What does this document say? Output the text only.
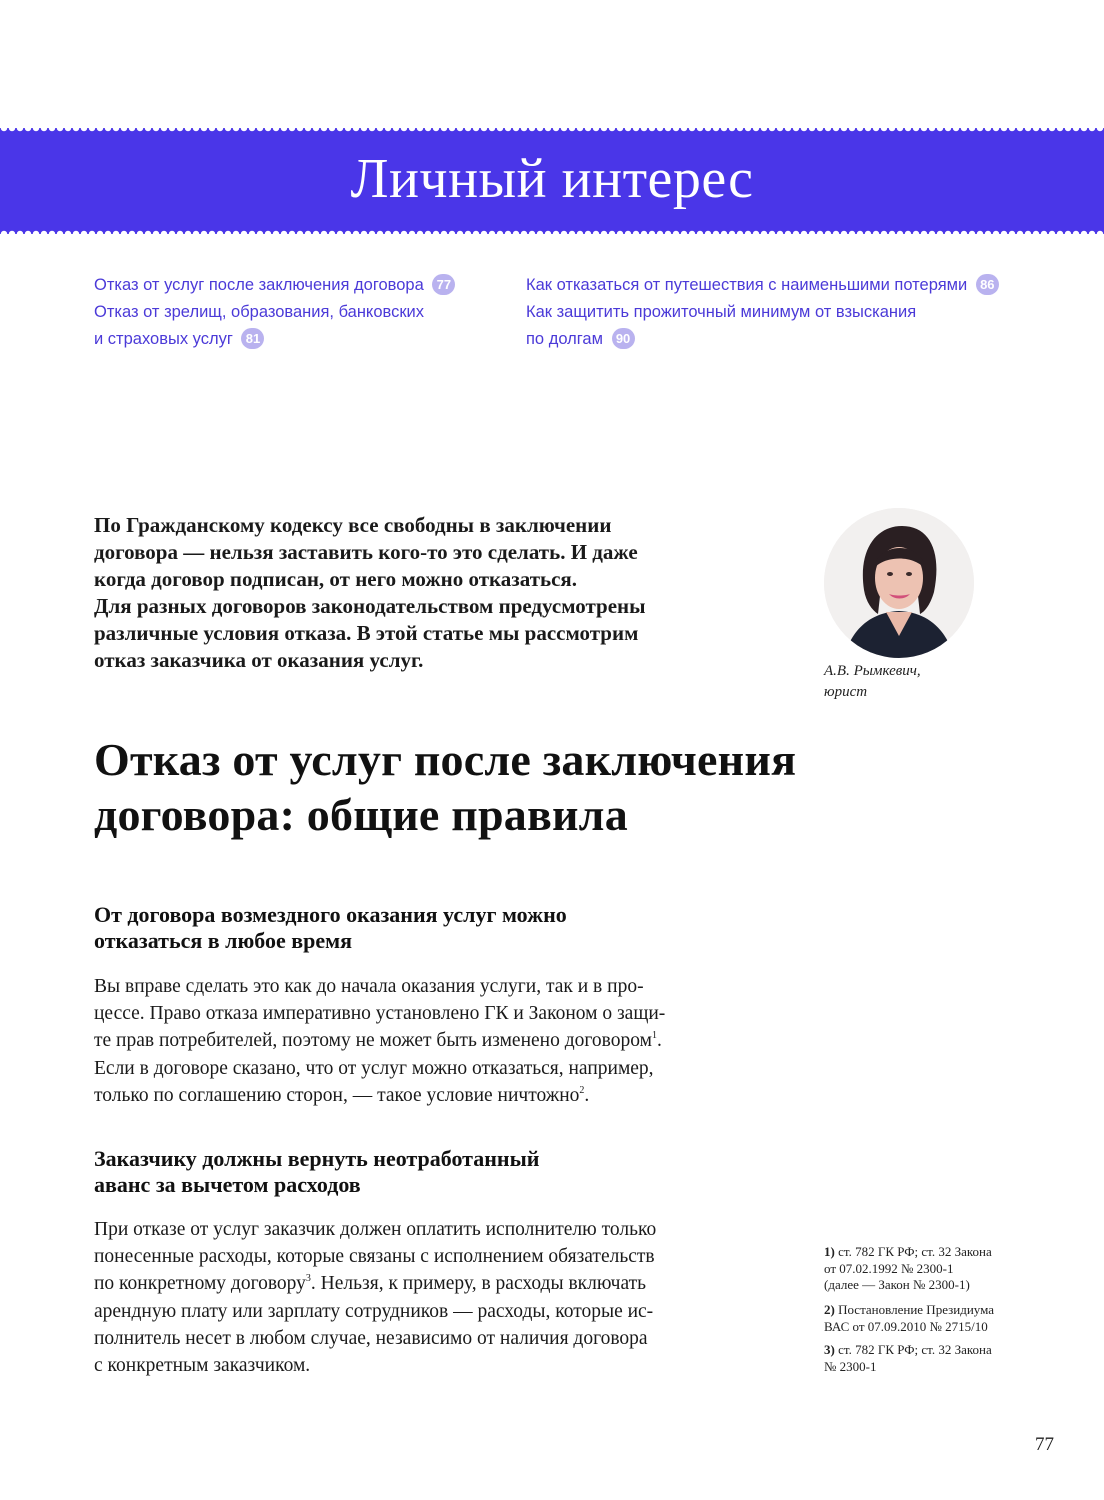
Личный интерес
Отказ от услуг после заключения договора 77
Отказ от зрелищ, образования, банковских
и страховых услуг 81
Как отказаться от путешествия с наименьшими потерями 86
Как защитить прожиточный минимум от взыскания
по долгам 90
По Гражданскому кодексу все свободны в заключении
договора — нельзя заставить кого-то это сделать. И даже
когда договор подписан, от него можно отказаться.
Для разных договоров законодательством предусмотрены
различные условия отказа. В этой статье мы рассмотрим
отказ заказчика от оказания услуг.	А.В. Рымкевич,
юрист
Отказ от услуг после заключения
договора: общие правила
От договора возмездного оказания услуг можно
отказаться в любое время
Вы вправе сделать это как до начала оказания услуги, так и в про-
цессе. Право отказа императивно установлено ГК и Законом о защи-
те прав потребителей, поэтому не может быть изменено договором$^1$.
Если в договоре сказано, что от услуг можно отказаться, например,
только по соглашению сторон, — такое условие ничтожно$^2$.
Заказчику должны вернуть неотработанный
аванс за вычетом расходов
При отказе от услуг заказчик должен оплатить исполнителю только
понесенные расходы, которые связаны с исполнением обязательств
по конкретному договору$^3$. Нельзя, к примеру, в расходы включать
арендную плату или зарплату сотрудников — расходы, которые ис-
полнитель несет в любом случае, независимо от наличия договора
с конкретным заказчиком.
1) ст. 782 ГК РФ; ст. 32 Закона
от 07.02.1992 № 2300-1
(далее — Закон № 2300-1)
2) Постановление Президиума
ВАС от 07.09.2010 № 2715/10
3) ст. 782 ГК РФ; ст. 32 Закона
№ 2300-1
77
